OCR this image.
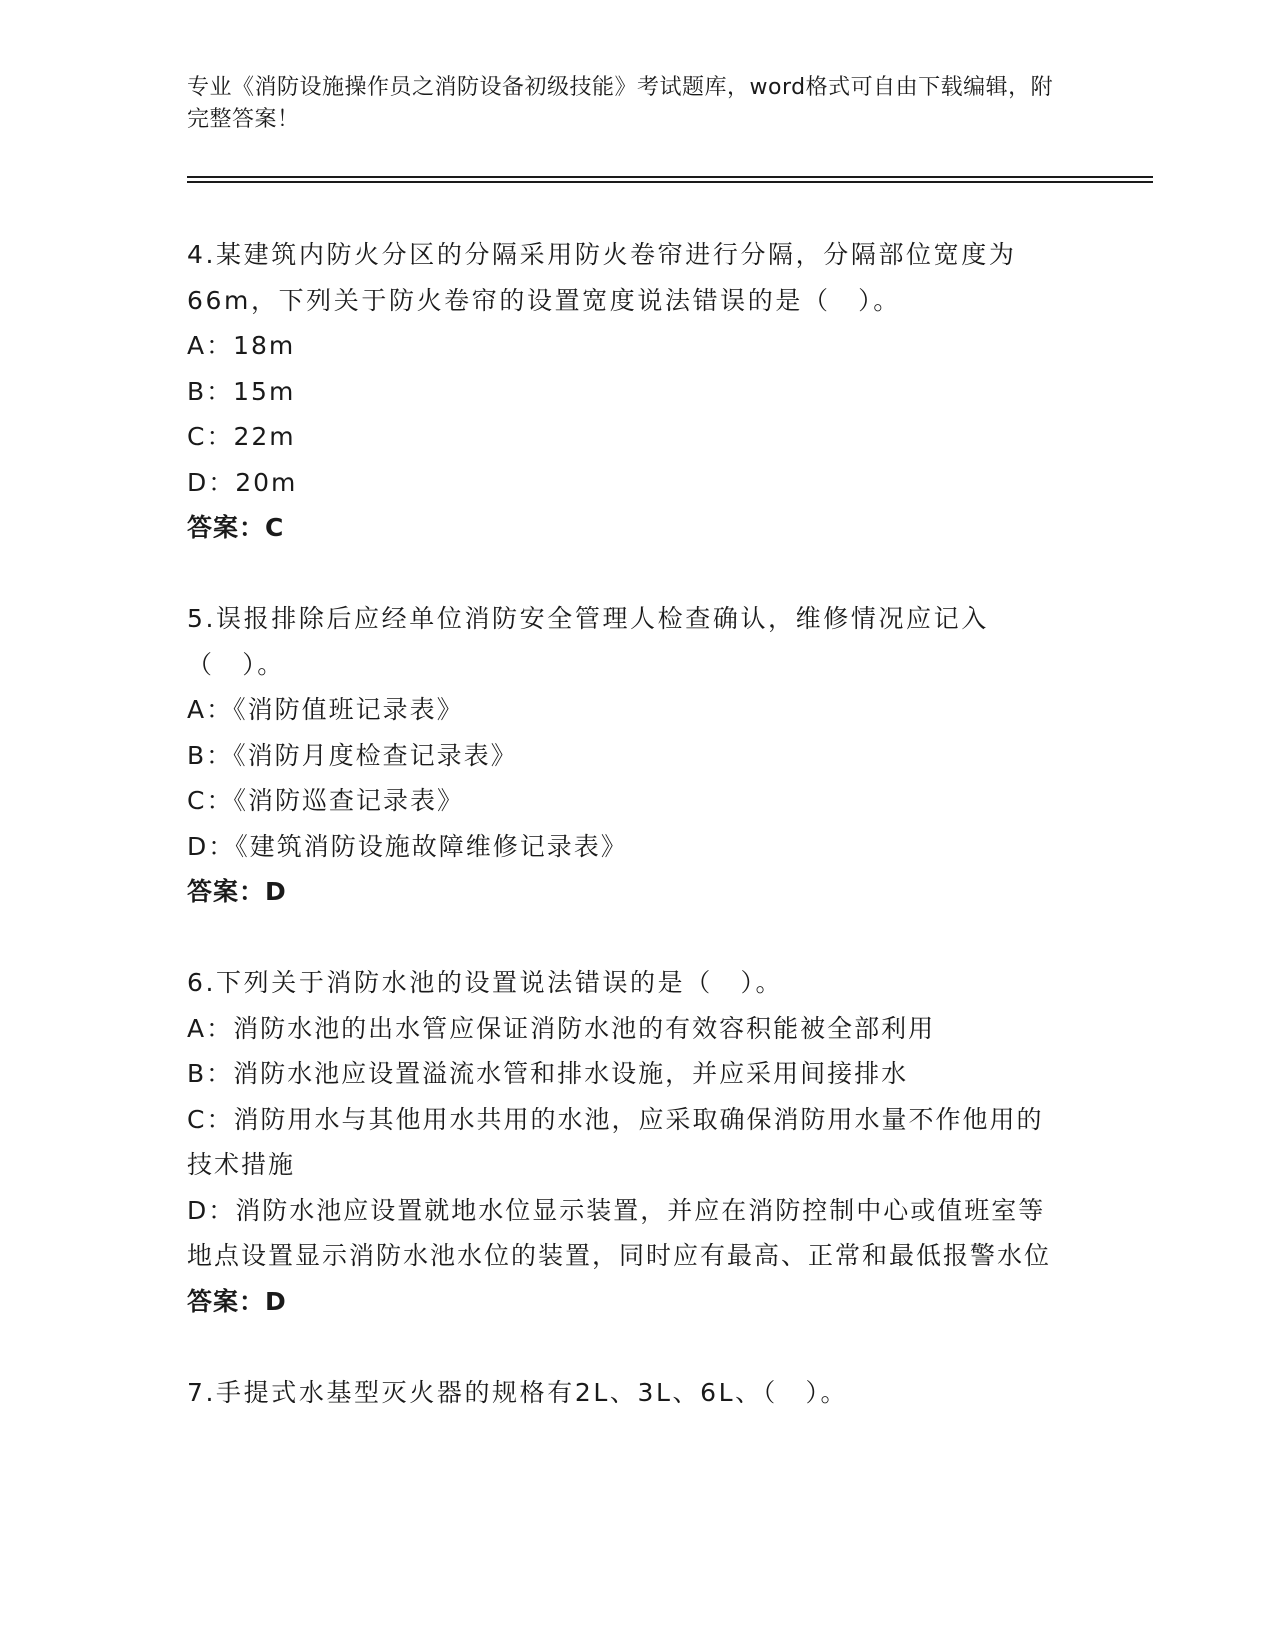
专业《消防设施操作员之消防设备初级技能》考试题库，word格式可自由下载编辑，附完整答案！
4.某建筑内防火分区的分隔采用防火卷帘进行分隔，分隔部位宽度为66m，下列关于防火卷帘的设置宽度说法错误的是（　）。
A：18m
B：15m
C：22m
D：20m
答案：C
5.误报排除后应经单位消防安全管理人检查确认，维修情况应记入（　）。
A：《消防值班记录表》
B：《消防月度检查记录表》
C：《消防巡查记录表》
D：《建筑消防设施故障维修记录表》
答案：D
6.下列关于消防水池的设置说法错误的是（　）。
A：消防水池的出水管应保证消防水池的有效容积能被全部利用
B：消防水池应设置溢流水管和排水设施，并应采用间接排水
C：消防用水与其他用水共用的水池，应采取确保消防用水量不作他用的技术措施
D：消防水池应设置就地水位显示装置，并应在消防控制中心或值班室等地点设置显示消防水池水位的装置，同时应有最高、正常和最低报警水位
答案：D
7.手提式水基型灭火器的规格有2L、3L、6L、（　）。
